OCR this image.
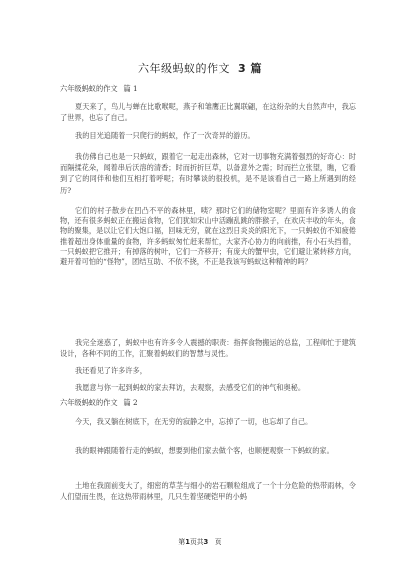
六年级蚂蚁的作文 3 篇
六年级蚂蚁的作文 篇 1

夏天来了，鸟儿与蝉在比歌喉呢，燕子和雏鹰正比翼联翩，在这纷杂的大自然声中，我忘了世界，也忘了自己。

我的目光追随着一只爬行的蚂蚁，作了一次奇异的游历。

我仿佛自己也是一只蚂蚁，跟着它一起走出森林，它对一切事物充满着强烈的好奇心：时而隔揉花朵，闻着串后沃溶的清香；时而折折巨草，以备意外之需；时而拦立张望，瞧，它看到了它的同伴和他们互相打着呼呢；有时攀谈的很投机，是不是该看自己一路上所遇到的经历?

它们的村子散步在凹凸不平的森林里，咦？那时它们的储物室呢？里面有许多诱人的食物，还有很多蚂蚁正在搬运食物，它们犹如宋山中活蹦乱跳的胖猴子，在欢庆丰收的年头，食物的聚集，是以让它们大饱口福，回味无穷，就在这烈日炎炎的阳光下，一只蚂蚁仿不知疲倦推着超出身体重量的食物，许多蚂蚁匆忙赶来帮忙，大家齐心协力的向前推，有小石头挡着，一只蚂蚁把它推开；有掉落的树叶，它们一齐移开；有庞大的蟹甲虫，它们避让紧转移方向，避开着可怕的“怪物”，团结互助、不依不挠，不正是我该写蚂蚁这种精神的吗？

我完全迷惑了，蚂蚁中也有许多令人震撼的职责：指挥食物搬运的总监，工程师忙于建筑设计，各种不同的工作，汇聚着蚂蚁们的智慧与灵性。

我还看见了许多许多，

我愿意与你一起到蚂蚁的家去拜访，去观察，去感受它们的神气和奥秘。

六年级蚂蚁的作文 篇 2

今天，我又躺在树底下，在无穷的寂静之中，忘掉了一切，也忘却了自己。

我的眼神跟随着行走的蚂蚁，想要到他们家去做个客，也顺便观察一下蚂蚁的家。

土地在我面前变大了，细密的草茎与细小的岩石颗粒组成了一个十分危险的热带雨林，令人们望而生畏，在这热带雨林里，几只生着坚硬铠甲的小蚂

第1页共3 页
